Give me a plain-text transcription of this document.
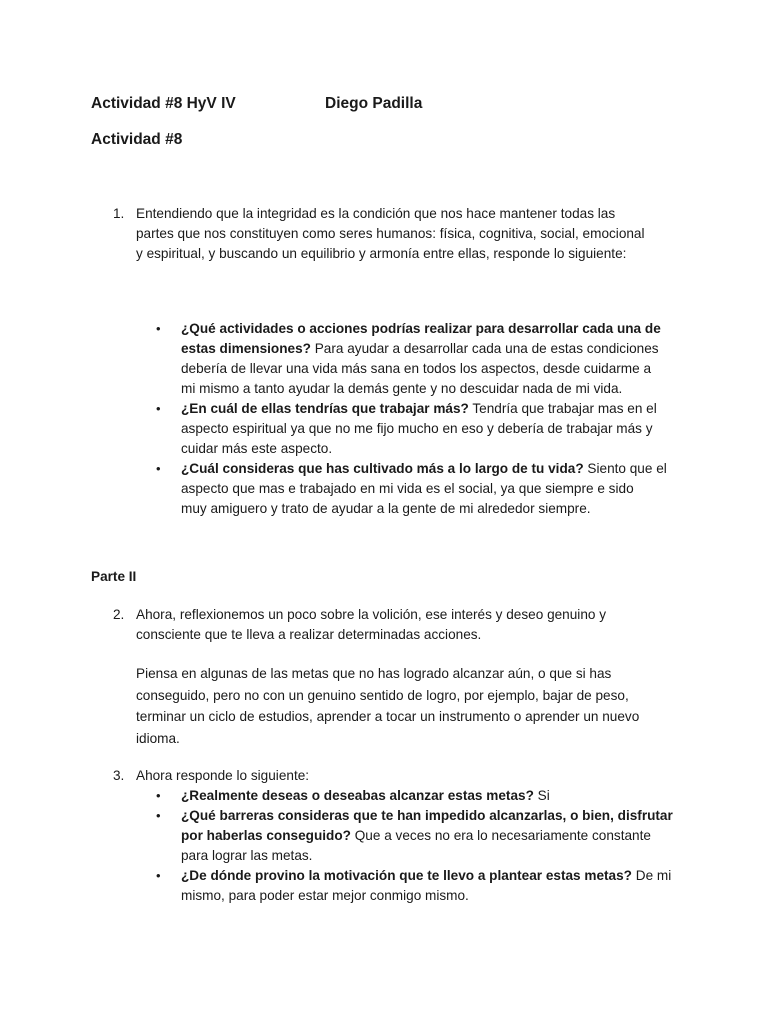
Actividad #8 HyV IV	Diego Padilla
Actividad #8
1. Entendiendo que la integridad es la condición que nos hace mantener todas las
partes que nos constituyen como seres humanos: física, cognitiva, social, emocional
y espiritual, y buscando un equilibrio y armonía entre ellas, responde lo siguiente:
• ¿Qué actividades o acciones podrías realizar para desarrollar cada una de
estas dimensiones? Para ayudar a desarrollar cada una de estas condiciones
debería de llevar una vida más sana en todos los aspectos, desde cuidarme a
mi mismo a tanto ayudar la demás gente y no descuidar nada de mi vida.
• ¿En cuál de ellas tendrías que trabajar más? Tendría que trabajar mas en el
aspecto espiritual ya que no me fijo mucho en eso y debería de trabajar más y
cuidar más este aspecto.
• ¿Cuál consideras que has cultivado más a lo largo de tu vida? Siento que el
aspecto que mas e trabajado en mi vida es el social, ya que siempre e sido
muy amiguero y trato de ayudar a la gente de mi alrededor siempre.
Parte II
2. Ahora, reflexionemos un poco sobre la volición, ese interés y deseo genuino y
consciente que te lleva a realizar determinadas acciones.
Piensa en algunas de las metas que no has logrado alcanzar aún, o que si has
conseguido, pero no con un genuino sentido de logro, por ejemplo, bajar de peso,
terminar un ciclo de estudios, aprender a tocar un instrumento o aprender un nuevo
idioma.
3. Ahora responde lo siguiente:
• ¿Realmente deseas o deseabas alcanzar estas metas? Si
• ¿Qué barreras consideras que te han impedido alcanzarlas, o bien, disfrutar
por haberlas conseguido? Que a veces no era lo necesariamente constante
para lograr las metas.
• ¿De dónde provino la motivación que te llevo a plantear estas metas? De mi
mismo, para poder estar mejor conmigo mismo.
